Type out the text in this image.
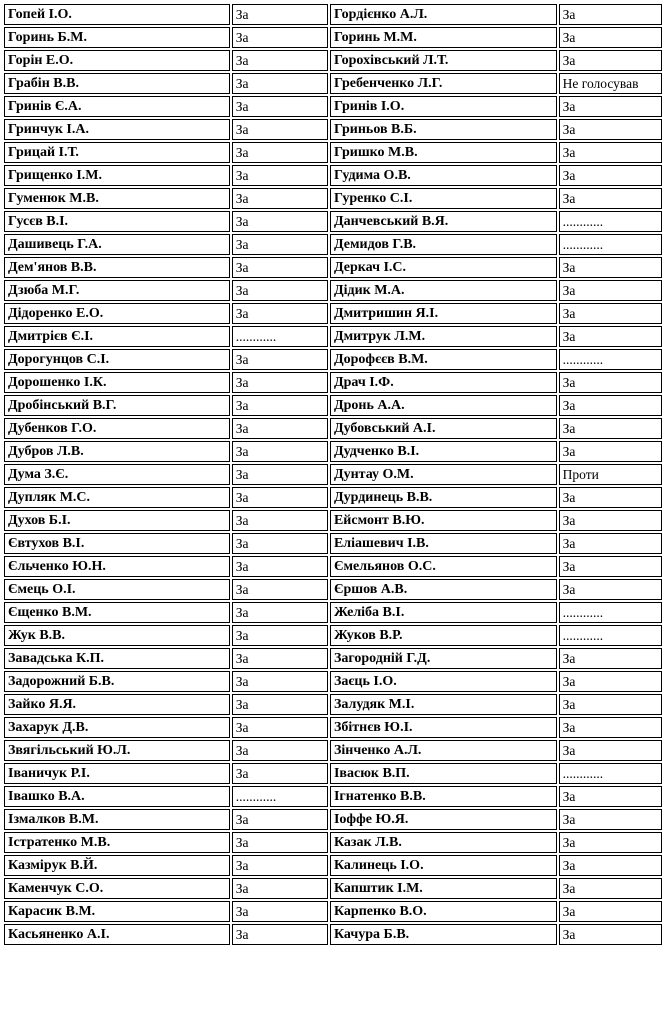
Гопей І.О.	За	Гордієнко А.Л.	За
Горинь Б.М.	За	Горинь М.М.	За
Горін Е.О.	За	Горохівський Л.Т.	За
Грабін В.В.	За	Гребенченко Л.Г.	Не голосував
Гринів Є.А.	За	Гринів І.О.	За
Гринчук І.А.	За	Гриньов В.Б.	За
Грицай І.Т.	За	Гришко М.В.	За
Грищенко І.М.	За	Гудима О.В.	За
Гуменюк М.В.	За	Гуренко С.І.	За
Гусєв В.І.	За	Данчевський В.Я.	............
Дашивець Г.А.	За	Демидов Г.В.	............
Дем'янов В.В.	За	Деркач І.С.	За
Дзюба М.Г.	За	Дідик М.А.	За
Дідоренко Е.О.	За	Дмитришин Я.І.	За
Дмитрієв Є.І.	............	Дмитрук Л.М.	За
Дорогунцов С.І.	За	Дорофєєв В.М.	............
Дорошенко І.К.	За	Драч І.Ф.	За
Дробінський В.Г.	За	Дронь А.А.	За
Дубенков Г.О.	За	Дубовський А.І.	За
Дубров Л.В.	За	Дудченко В.І.	За
Дума З.Є.	За	Дунтау О.М.	Проти
Дупляк М.С.	За	Дурдинець В.В.	За
Духов Б.І.	За	Ейсмонт В.Ю.	За
Євтухов В.І.	За	Еліашевич І.В.	За
Єльченко Ю.Н.	За	Ємельянов О.С.	За
Ємець О.І.	За	Єршов А.В.	За
Єщенко В.М.	За	Желіба В.І.	............
Жук В.В.	За	Жуков В.Р.	............
Завадська К.П.	За	Загородній Г.Д.	За
Задорожний Б.В.	За	Заєць І.О.	За
Зайко Я.Я.	За	Залудяк М.І.	За
Захарук Д.В.	За	Збітнєв Ю.І.	За
Звягільський Ю.Л.	За	Зінченко А.Л.	За
Іваничук Р.І.	За	Івасюк В.П.	............
Івашко В.А.	............	Ігнатенко В.В.	За
Ізмалков В.М.	За	Іоффе Ю.Я.	За
Істратенко М.В.	За	Казак Л.В.	За
Казміpук В.Й.	За	Калинець І.О.	За
Каменчук С.О.	За	Капштик І.М.	За
Карасик В.М.	За	Карпенко В.О.	За
Касьяненко А.І.	За	Качура Б.В.	За
